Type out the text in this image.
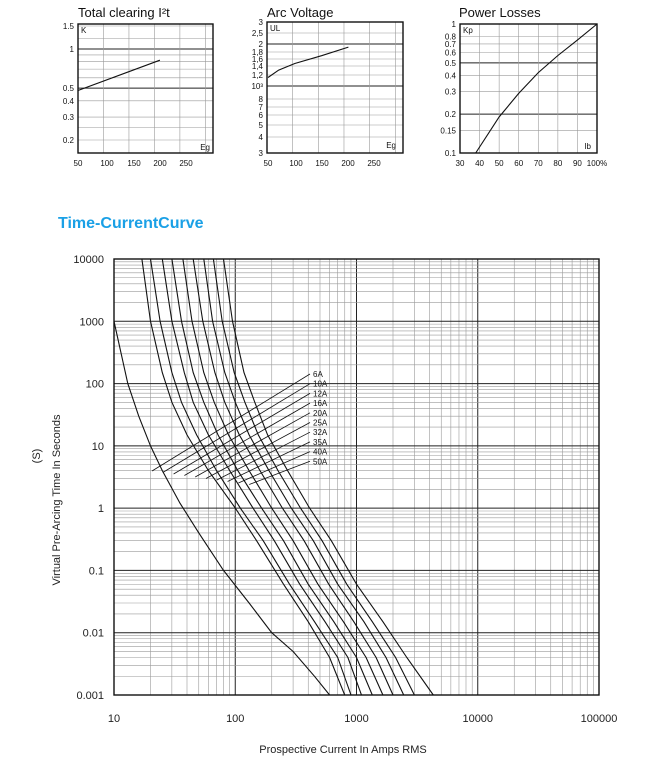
1.5
1
0.5
0.4
0.3
0.2
50 100 150 200 250
K
Eg
Total clearing I²t
3
2,5
2
1,8
1,6
1,4
1,2
10³
8
7
6
5
4
3
50 100 150 200 250
UL
Eg
Arc Voltage
1
0.8
0.7
0.6
0.5
0.4
0.3
0.2
0.15
0.1
30 40 50 60 70 80 90 100%
Kp
Ib
Power Losses
10	100	1000	10000	100000
10000
1000
100
10
1
0.1
0.01
0.001
Prospective Current In Amps RMS
Virtual Pre-Arcing Time In Seconds
(S)
6A
10A
12A
16A
20A
25A
32A
35A
40A
50A
Time-CurrentCurve
